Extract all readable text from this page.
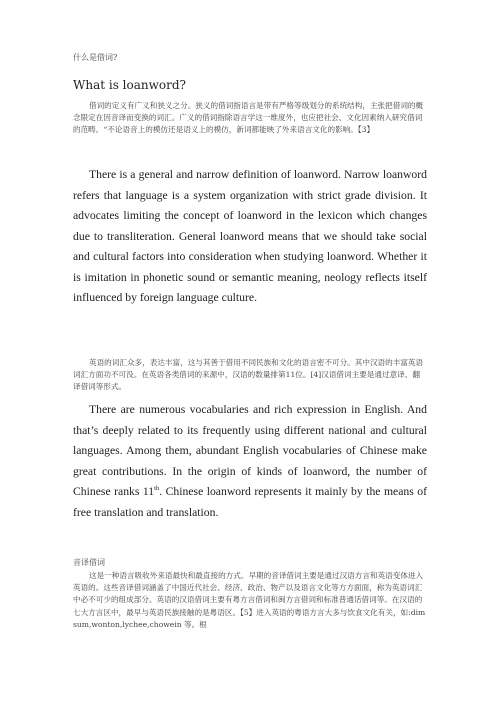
什么是借词?
What is loanword?
借词的定义有广义和狭义之分。狭义的借词指语言是带有严格等级划分的系统结构，主张把借词的概念限定在因音译而变换的词汇。广义的借词指除语言学这一维度外，也应把社会、文化因素纳入研究借词的范畴。“不论语音上的模仿还是语义上的模仿，新词都能映了外来语言文化的影响。【3】
There is a general and narrow definition of loanword. Narrow loanword refers that language is a system organization with strict grade division. It advocates limiting the concept of loanword in the lexicon which changes due to transliteration. General loanword means that we should take social and cultural factors into consideration when studying loanword. Whether it is imitation in phonetic sound or semantic meaning, neology reflects itself influenced by foreign language culture.
英语的词汇众多，表达丰富，这与其善于借用不同民族和文化的语言密不可分。其中汉语的丰富英语词汇方面功不可没。在英语各类借词的来源中，汉语的数量排第11位。[4]汉语借词主要是通过意译、翻译借词等形式。
There are numerous vocabularies and rich expression in English. And that’s deeply related to its frequently using different national and cultural languages. Among them, abundant English vocabularies of Chinese make great contributions. In the origin of kinds of loanword, the number of Chinese ranks 11th. Chinese loanword represents it mainly by the means of free translation and translation.
音译借词
这是一种语言吸收外来语最快和最直接的方式。早期的音译借词主要是通过汉语方言和英语变体进入英语的。这些音译借词涵盖了中国近代社会、经济、政治、物产以及语言文化等方方面面，称为英语词汇中必不可少的组成部分。英语的汉语借词主要有粤方言借词和闽方言借词和标准普通话借词等。在汉语的七大方言区中，最早与英语民族接触的是粤语区。【5】进入英语的粤语方言大多与饮食文化有关，如:dim sum,wonton,lychee,chowein 等。根
